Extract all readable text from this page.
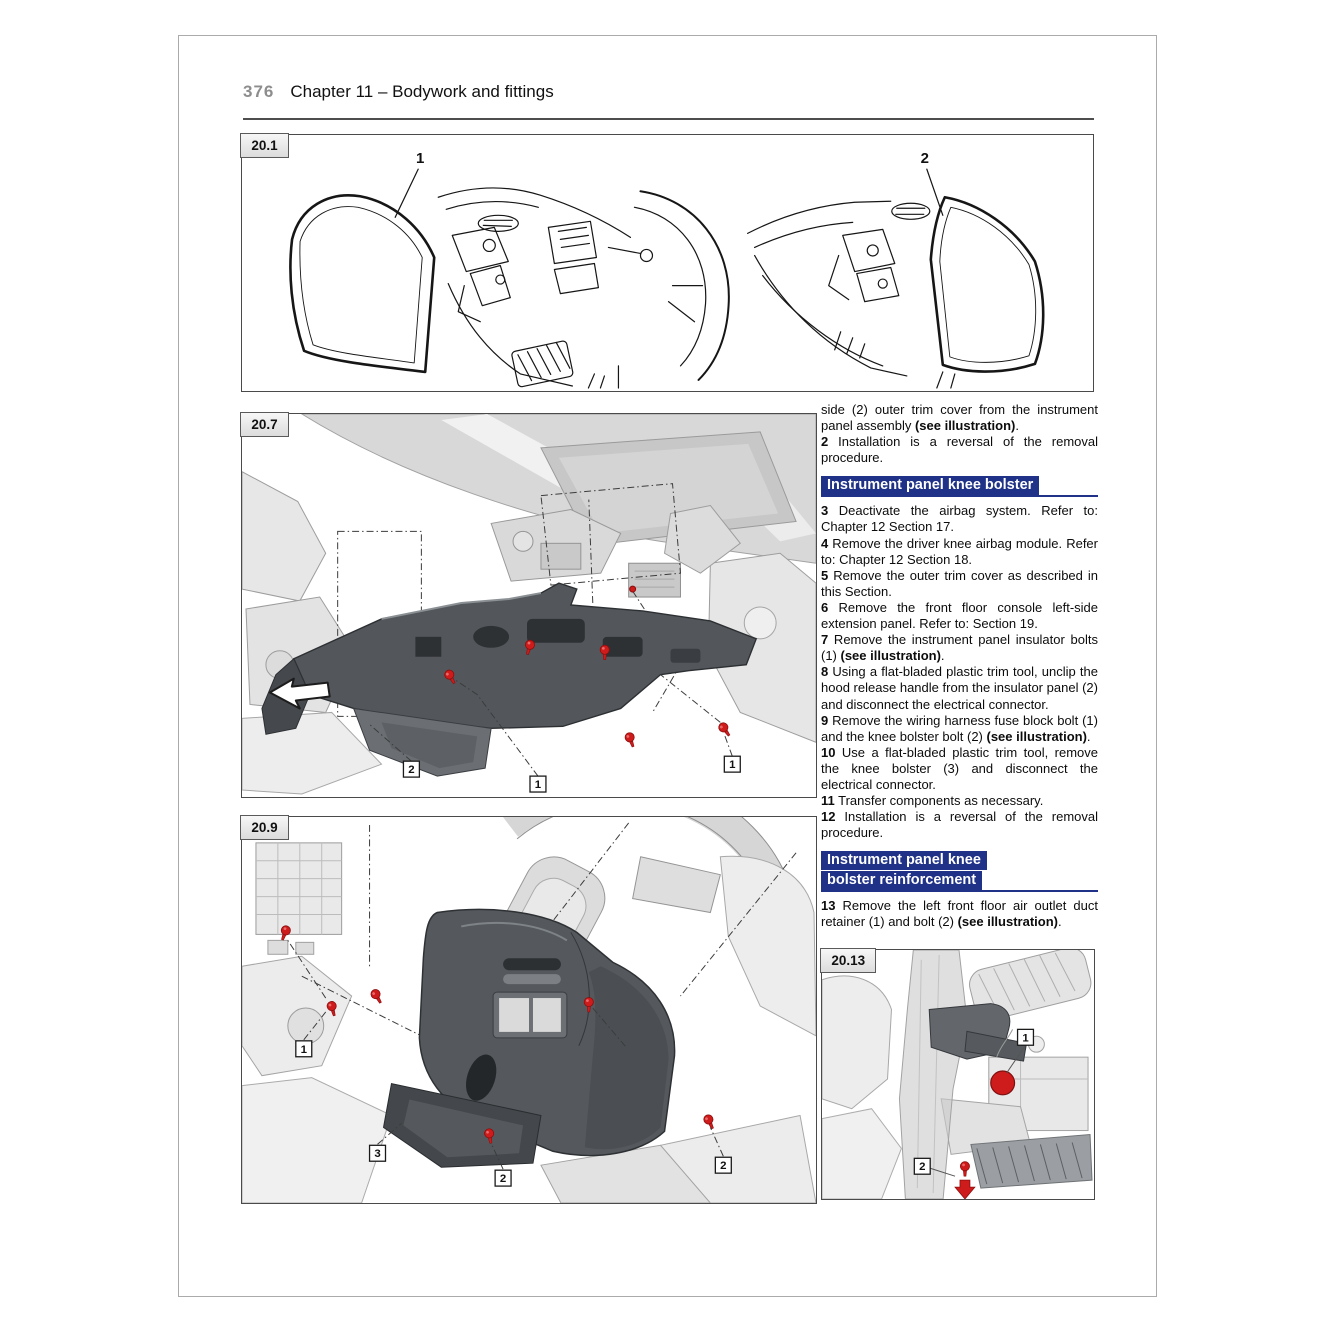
376 Chapter 11 – Bodywork and fittings
20.1
1	2
20.7
2
1
1
20.9
1
3
2
2
side (2) outer trim cover from the instrument panel assembly (see illustration).
2 Installation is a reversal of the removal procedure.
Instrument panel knee bolster
3 Deactivate the airbag system. Refer to: Chapter 12 Section 17.
4 Remove the driver knee airbag module. Refer to: Chapter 12 Section 18.
5 Remove the outer trim cover as described in this Section.
6 Remove the front floor console left-side extension panel. Refer to: Section 19.
7 Remove the instrument panel insulator bolts (1) (see illustration).
8 Using a flat-bladed plastic trim tool, unclip the hood release handle from the insulator panel (2) and disconnect the electrical connector.
9 Remove the wiring harness fuse block bolt (1) and the knee bolster bolt (2) (see illustration).
10 Use a flat-bladed plastic trim tool, remove the knee bolster (3) and disconnect the electrical connector.
11 Transfer components as necessary.
12 Installation is a reversal of the removal procedure.
Instrument panel knee
bolster reinforcement
13 Remove the left front floor air outlet duct retainer (1) and bolt (2) (see illustration).
20.13
1
2
